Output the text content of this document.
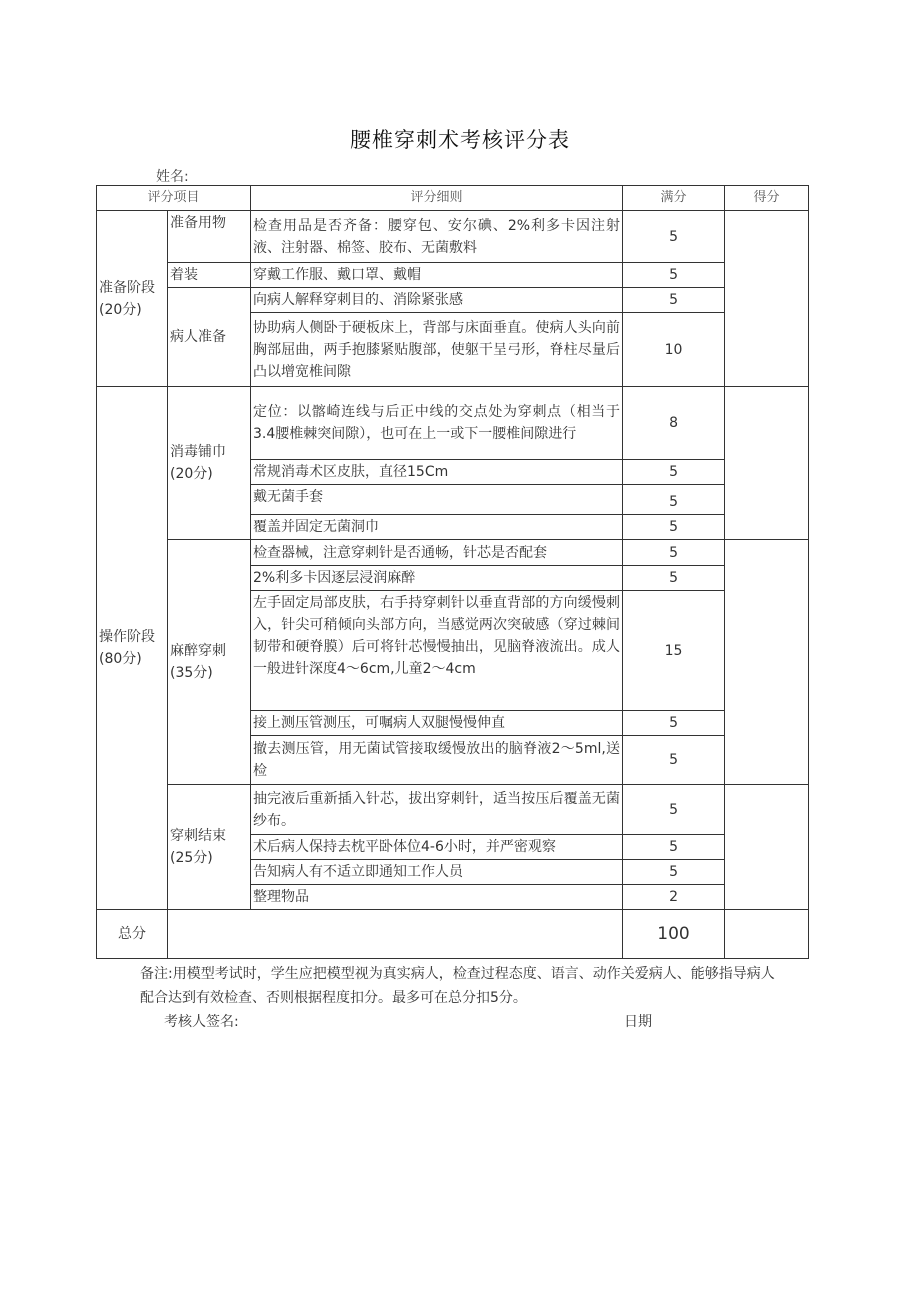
腰椎穿刺术考核评分表
姓名:
评分项目		评分细则	满分	得分
准备阶段(20分)	准备用物	检查用品是否齐备：腰穿包、安尔碘、2%利多卡因注射液、注射器、棉签、胶布、无菌敷料	5	
	着装	穿戴工作服、戴口罩、戴帽	5	
	病人准备	向病人解释穿刺目的、消除紧张感	5	
		协助病人侧卧于硬板床上，背部与床面垂直。使病人头向前胸部屈曲，两手抱膝紧贴腹部，使躯干呈弓形，脊柱尽量后凸以增宽椎间隙	10	
操作阶段(80分)	消毒铺巾(20分)	定位：以髂崎连线与后正中线的交点处为穿刺点（相当于3.4腰椎棘突间隙），也可在上一或下一腰椎间隙进行	8	
		常规消毒术区皮肤，直径15Cm	5	
		戴无菌手套	5	
		覆盖并固定无菌洞巾	5	
	麻醉穿刺(35分)	检查器械，注意穿刺针是否通畅，针芯是否配套	5	
		2%利多卡因逐层浸润麻醉	5	
		左手固定局部皮肤，右手持穿刺针以垂直背部的方向缓慢刺入，针尖可稍倾向头部方向，当感觉两次突破感（穿过棘间韧带和硬脊膜）后可将针芯慢慢抽出，见脑脊液流出。成人一般进针深度4〜6cm,儿童2〜4cm	15	
		接上测压管测压，可嘱病人双腿慢慢伸直	5	
		撤去测压管，用无菌试管接取缓慢放出的脑脊液2〜5ml,送检	5	
	穿刺结束(25分)	抽完液后重新插入针芯，拔出穿刺针，适当按压后覆盖无菌纱布。	5	
		术后病人保持去枕平卧体位4-6小时，并严密观察	5	
		告知病人有不适立即通知工作人员	5	
		整理物品	2	
总分			100	
备注:用模型考试时，学生应把模型视为真实病人，检查过程态度、语言、动作关爱病人、能够指导病人配合达到有效检查、否则根据程度扣分。最多可在总分扣5分。
考核人签名:	日期
